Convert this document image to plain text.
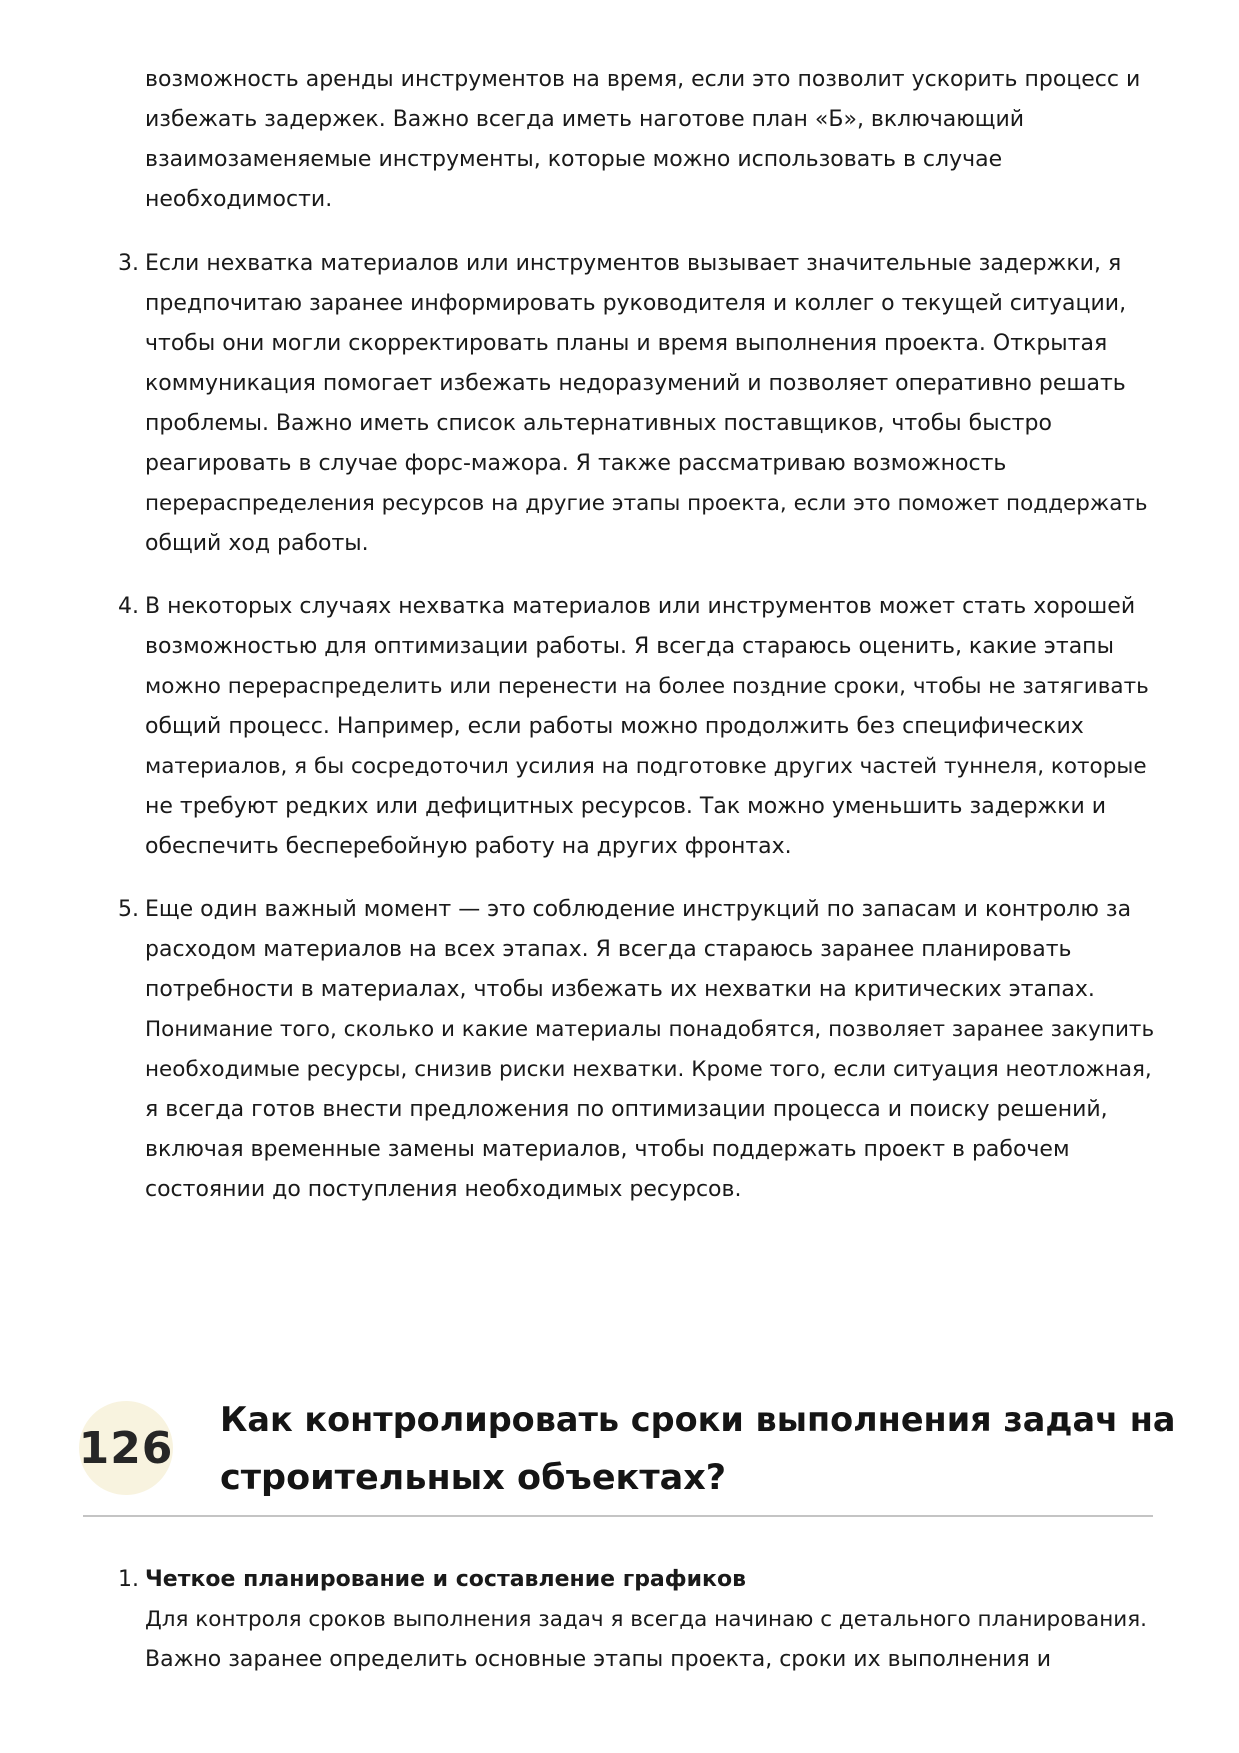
возможность аренды инструментов на время, если это позволит ускорить процесс и
избежать задержек. Важно всегда иметь наготове план «Б», включающий
взаимозаменяемые инструменты, которые можно использовать в случае
необходимости.
3. Если нехватка материалов или инструментов вызывает значительные задержки, я
предпочитаю заранее информировать руководителя и коллег о текущей ситуации,
чтобы они могли скорректировать планы и время выполнения проекта. Открытая
коммуникация помогает избежать недоразумений и позволяет оперативно решать
проблемы. Важно иметь список альтернативных поставщиков, чтобы быстро
реагировать в случае форс-мажора. Я также рассматриваю возможность
перераспределения ресурсов на другие этапы проекта, если это поможет поддержать
общий ход работы.
4. В некоторых случаях нехватка материалов или инструментов может стать хорошей
возможностью для оптимизации работы. Я всегда стараюсь оценить, какие этапы
можно перераспределить или перенести на более поздние сроки, чтобы не затягивать
общий процесс. Например, если работы можно продолжить без специфических
материалов, я бы сосредоточил усилия на подготовке других частей туннеля, которые
не требуют редких или дефицитных ресурсов. Так можно уменьшить задержки и
обеспечить бесперебойную работу на других фронтах.
5. Еще один важный момент — это соблюдение инструкций по запасам и контролю за
расходом материалов на всех этапах. Я всегда стараюсь заранее планировать
потребности в материалах, чтобы избежать их нехватки на критических этапах.
Понимание того, сколько и какие материалы понадобятся, позволяет заранее закупить
необходимые ресурсы, снизив риски нехватки. Кроме того, если ситуация неотложная,
я всегда готов внести предложения по оптимизации процесса и поиску решений,
включая временные замены материалов, чтобы поддержать проект в рабочем
состоянии до поступления необходимых ресурсов.
126
Как контролировать сроки выполнения задач на
строительных объектах?
1. Четкое планирование и составление графиков
Для контроля сроков выполнения задач я всегда начинаю с детального планирования.
Важно заранее определить основные этапы проекта, сроки их выполнения и
